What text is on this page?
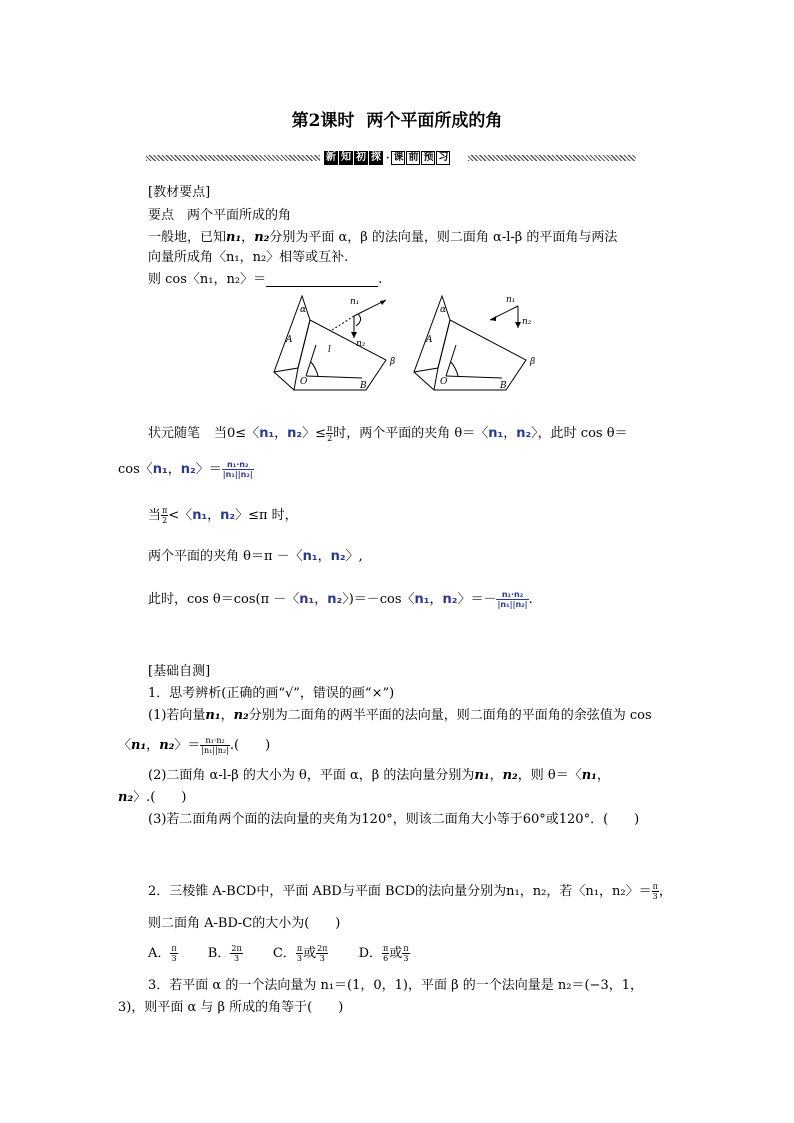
第2课时 两个平面所成的角
新 知 初 探 · 课 前 预 习
[教材要点]
要点　两个平面所成的角
一般地，已知n₁，n₂分别为平面 α，β 的法向量，则二面角 α‑l‑β 的平面角与两法
向量所成角〈n₁，n₂〉相等或互补.
则 cos〈n₁，n₂〉＝	.
α
A
O	B
β
l
n₁
n₂
α
A
O	B
β
n₁
n₂
状元随笔 当0≤〈n₁，n₂〉≤ $\frac{\pi}{2}$ 时，两个平面的夹角 θ＝〈n₁，n₂〉，此时 cos θ＝
cos〈n₁，n₂〉＝ $\frac{\text{n₁·n₂}}{\text{|n₁||n₂|}}$
当 $\frac{\pi}{2}$ <〈n₁，n₂〉≤π 时，
两个平面的夹角 θ＝π －〈n₁，n₂〉,
此时，cos θ＝cos(π －〈n₁，n₂〉)＝－cos〈n₁，n₂〉＝－ $\frac{\text{n₁·n₂}}{\text{|n₁||n₂|}}$ .
[基础自测]
1．思考辨析(正确的画“√”，错误的画“×”)
(1)若向量n₁，n₂分别为二面角的两半平面的法向量，则二面角的平面角的余弦值为 cos
〈n₁，n₂〉＝ $\frac{\text{n₁·n₂}}{\text{|n₁||n₂|}}$ .(　　)
(2)二面角 α‑l‑β 的大小为 θ，平面 α，β 的法向量分别为n₁，n₂，则 θ＝〈n₁，
n₂〉.(　　)
(3)若二面角两个面的法向量的夹角为120°，则该二面角大小等于60°或120°．(　　)
2．三棱锥 A‑BCD中，平面 ABD与平面 BCD的法向量分别为n₁，n₂，若〈n₁，n₂〉＝ $\frac{\pi}{3}$ ，
则二面角 A‑BD‑C的大小为(　　)
A． $\frac{\pi}{3}$ B． $\frac{2\pi}{3}$ C． $\frac{\pi}{3}$ 或 $\frac{2\pi}{3}$ D． $\frac{\pi}{6}$ 或 $\frac{\pi}{3}$
3．若平面 α 的一个法向量为 n₁＝(1，0，1)，平面 β 的一个法向量是 n₂＝(−3，1，
3)，则平面 α 与 β 所成的角等于(　　)
